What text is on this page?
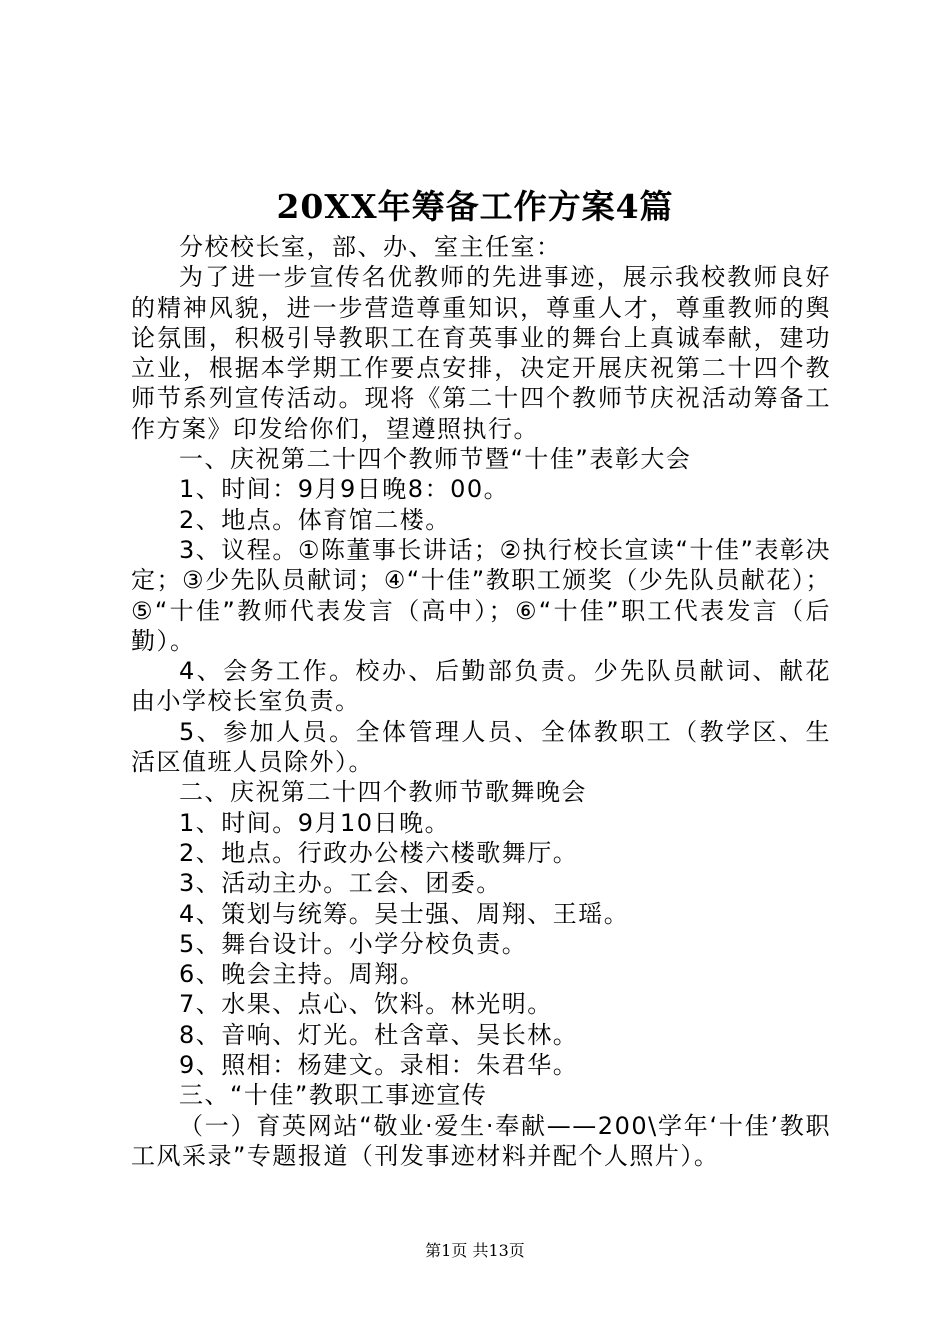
20XX年筹备工作方案4篇

分校校长室，部、办、室主任室：

为了进一步宣传名优教师的先进事迹，展示我校教师良好的精神风貌，进一步营造尊重知识，尊重人才，尊重教师的舆论氛围，积极引导教职工在育英事业的舞台上真诚奉献，建功立业，根据本学期工作要点安排，决定开展庆祝第二十四个教师节系列宣传活动。现将《第二十四个教师节庆祝活动筹备工作方案》印发给你们，望遵照执行。

一、庆祝第二十四个教师节暨“十佳”表彰大会

1、时间：9月9日晚8：00。

2、地点。体育馆二楼。

3、议程。①陈董事长讲话；②执行校长宣读“十佳”表彰决定；③少先队员献词；④“十佳”教职工颁奖（少先队员献花）；⑤“十佳”教师代表发言（高中）；⑥“十佳”职工代表发言（后勤）。

4、会务工作。校办、后勤部负责。少先队员献词、献花由小学校长室负责。

5、参加人员。全体管理人员、全体教职工（教学区、生活区值班人员除外）。

二、庆祝第二十四个教师节歌舞晚会

1、时间。9月10日晚。

2、地点。行政办公楼六楼歌舞厅。

3、活动主办。工会、团委。

4、策划与统筹。吴士强、周翔、王瑶。

5、舞台设计。小学分校负责。

6、晚会主持。周翔。

7、水果、点心、饮料。林光明。

8、音响、灯光。杜含章、吴长林。

9、照相：杨建文。录相：朱君华。

三、“十佳”教职工事迹宣传

（一）育英网站“敬业·爱生·奉献——200\学年‘十佳’教职工风采录”专题报道（刊发事迹材料并配个人照片）。

第1页 共13页
